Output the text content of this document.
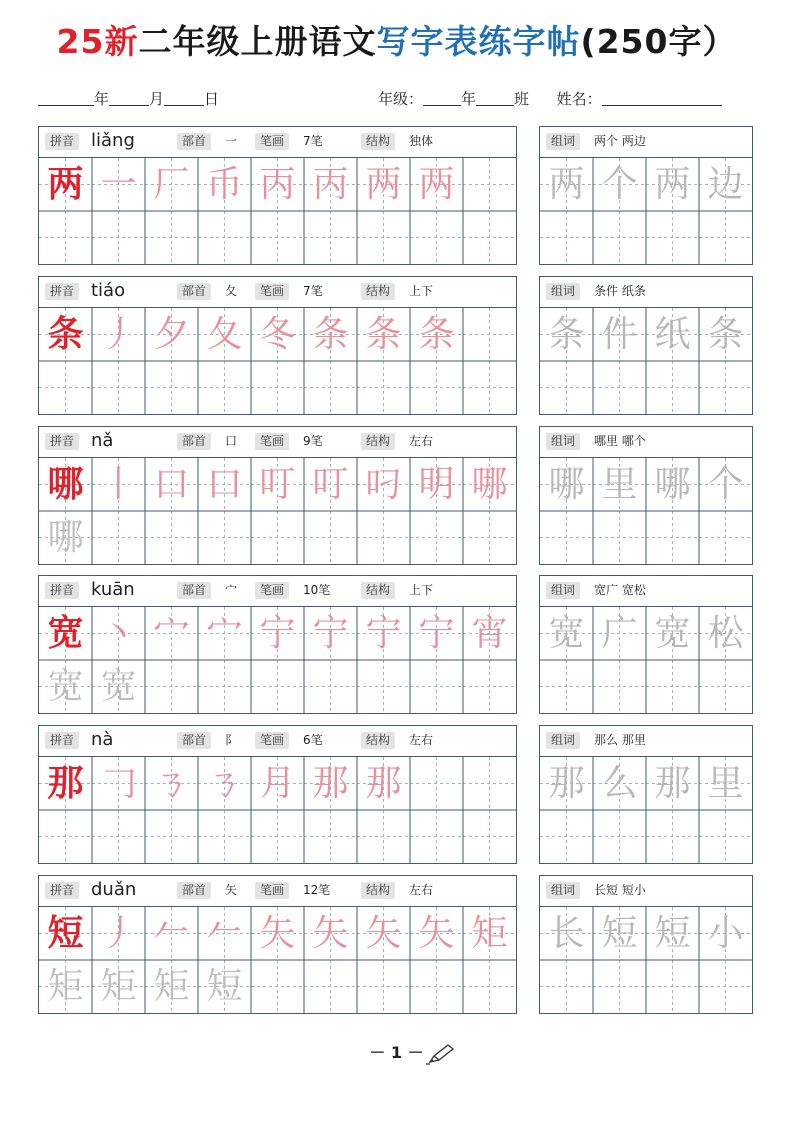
25新二年级上册语文写字表练字帖(250字）
年	月	日	年级：	年	班 姓名：
拼音 liǎng	部首	一	笔画	7笔	结构	独体
两 一 厂 币 丙 丙 两 两
组词	两个 两边
两 个 两 边
拼音 tiáo	部首	夂	笔画	7笔	结构	上下
条 丿 夕 夂 冬 条 条 条
组词	条件 纸条
条 件 纸 条
拼音 nǎ	部首	口	笔画	9笔	结构	左右
哪 丨 口 口 叮 叮 叼 明 哪
哪
组词	哪里 哪个
哪 里 哪 个
拼音 kuān	部首	宀	笔画	10笔	结构	上下
宽 丶 宀 宀 宁 宁 宁 宁 宵
宽 宽
组词	宽广 宽松
宽 广 宽 松
拼音 nà	部首	阝	笔画	6笔	结构	左右
那 𠃌 ㄋ ㄋ 月 那 那
组词	那么 那里
那 么 那 里
拼音 duǎn	部首	矢	笔画	12笔	结构	左右
短 丿 𠂉 𠂉 矢 矢 矢 矢 矩
矩 矩 矩 短
组词	长短 短小
长 短 短 小
－ 1 －
